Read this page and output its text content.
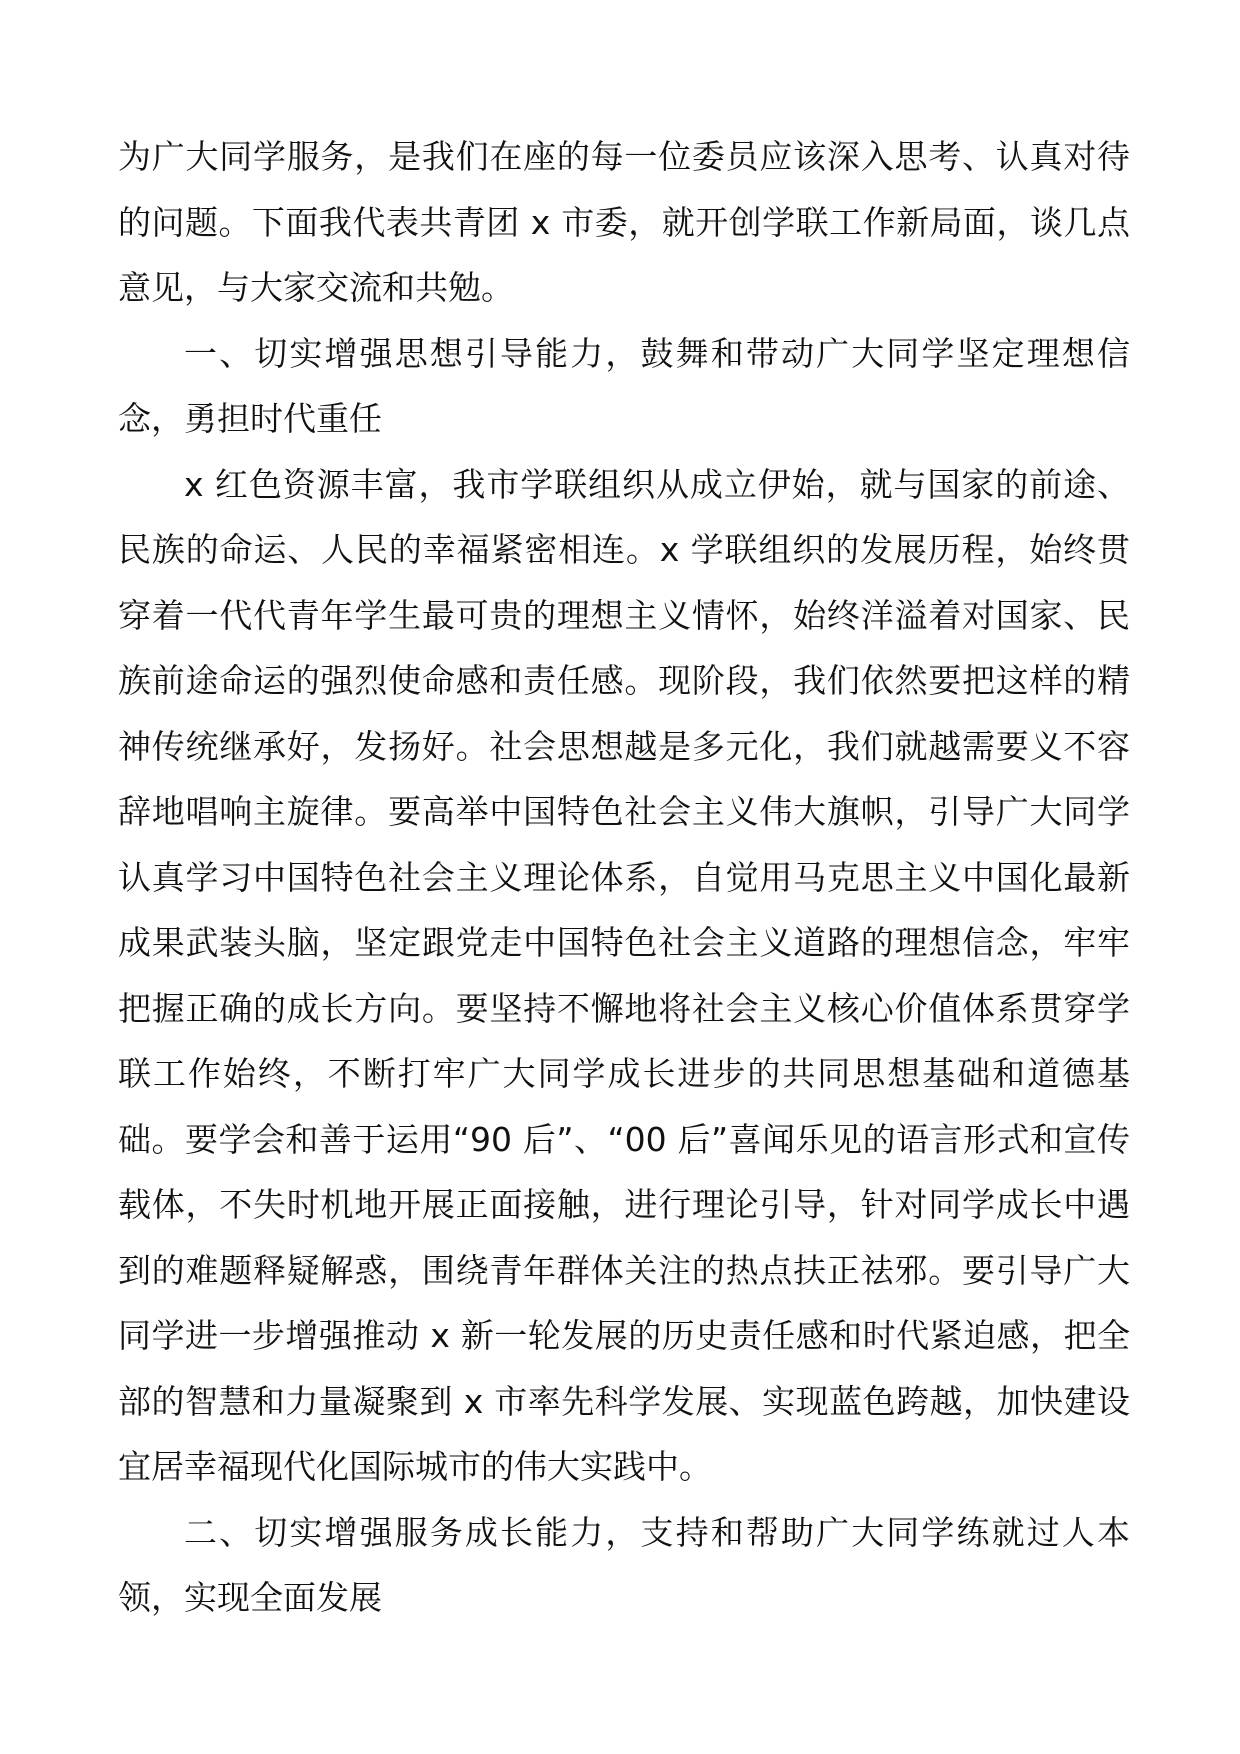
为广大同学服务，是我们在座的每一位委员应该深入思考、认真对待的问题。下面我代表共青团 x 市委，就开创学联工作新局面，谈几点意见，与大家交流和共勉。

一、切实增强思想引导能力，鼓舞和带动广大同学坚定理想信念，勇担时代重任

x 红色资源丰富，我市学联组织从成立伊始，就与国家的前途、民族的命运、人民的幸福紧密相连。x 学联组织的发展历程，始终贯穿着一代代青年学生最可贵的理想主义情怀，始终洋溢着对国家、民族前途命运的强烈使命感和责任感。现阶段，我们依然要把这样的精神传统继承好，发扬好。社会思想越是多元化，我们就越需要义不容辞地唱响主旋律。要高举中国特色社会主义伟大旗帜，引导广大同学认真学习中国特色社会主义理论体系，自觉用马克思主义中国化最新成果武装头脑，坚定跟党走中国特色社会主义道路的理想信念，牢牢把握正确的成长方向。要坚持不懈地将社会主义核心价值体系贯穿学联工作始终，不断打牢广大同学成长进步的共同思想基础和道德基础。要学会和善于运用“90 后”、“00 后”喜闻乐见的语言形式和宣传载体，不失时机地开展正面接触，进行理论引导，针对同学成长中遇到的难题释疑解惑，围绕青年群体关注的热点扶正祛邪。要引导广大同学进一步增强推动 x 新一轮发展的历史责任感和时代紧迫感，把全部的智慧和力量凝聚到 x 市率先科学发展、实现蓝色跨越，加快建设宜居幸福现代化国际城市的伟大实践中。

二、切实增强服务成长能力，支持和帮助广大同学练就过人本领，实现全面发展
